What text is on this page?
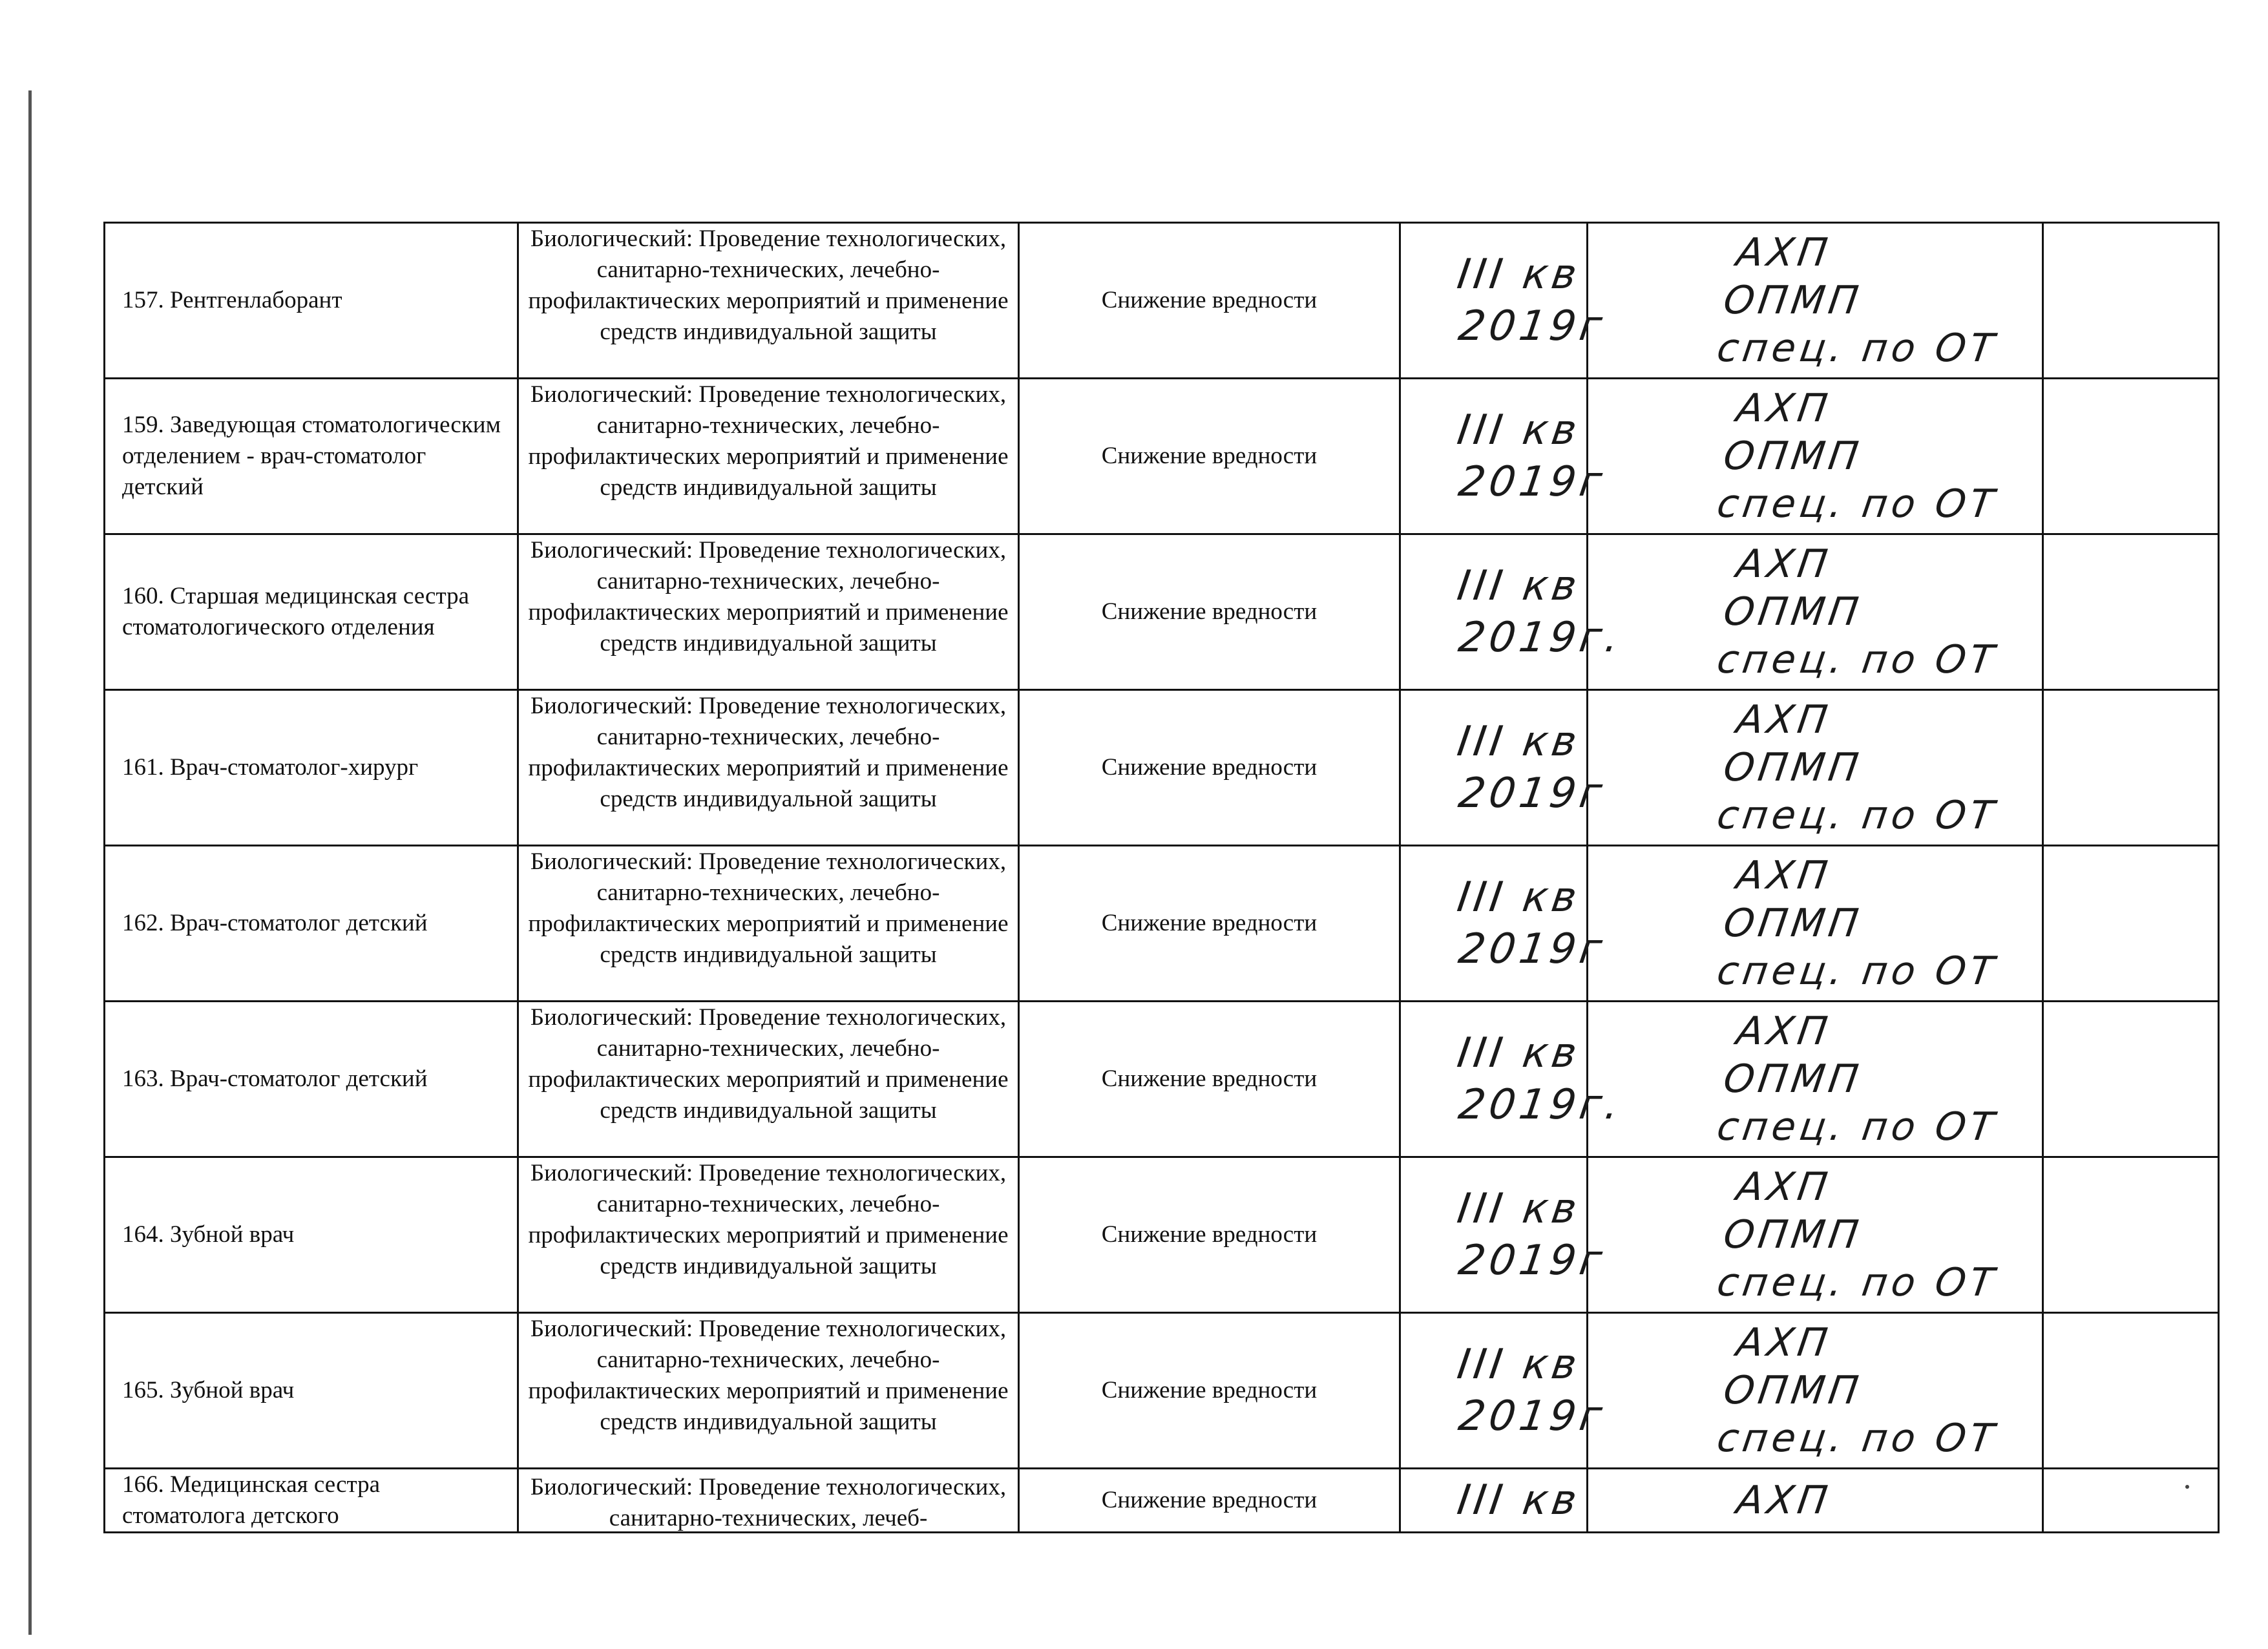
157. Рентгенлаборант	Биологический: Проведение технологических, санитарно-технических, лечебно-профилактических мероприятий и применение средств индивидуальной защиты	Снижение вредности	III кв
2019г	АХП
ОПМП
спец. по ОТ	

159. Заведующая стоматологическим отделением - врач-стоматолог детский	Биологический: Проведение технологических, санитарно-технических, лечебно-профилактических мероприятий и применение средств индивидуальной защиты	Снижение вредности	III кв
2019г	АХП
ОПМП
спец. по ОТ	

160. Старшая медицинская сестра стоматологического отделения	Биологический: Проведение технологических, санитарно-технических, лечебно-профилактических мероприятий и применение средств индивидуальной защиты	Снижение вредности	III кв
2019г.	АХП
ОПМП
спец. по ОТ	

161. Врач-стоматолог-хирург	Биологический: Проведение технологических, санитарно-технических, лечебно-профилактических мероприятий и применение средств индивидуальной защиты	Снижение вредности	III кв
2019г	АХП
ОПМП
спец. по ОТ	

162. Врач-стоматолог детский	Биологический: Проведение технологических, санитарно-технических, лечебно-профилактических мероприятий и применение средств индивидуальной защиты	Снижение вредности	III кв
2019г	АХП
ОПМП
спец. по ОТ	

163. Врач-стоматолог детский	Биологический: Проведение технологических, санитарно-технических, лечебно-профилактических мероприятий и применение средств индивидуальной защиты	Снижение вредности	III кв
2019г.	АХП
ОПМП
спец. по ОТ	

164. Зубной врач	Биологический: Проведение технологических, санитарно-технических, лечебно-профилактических мероприятий и применение средств индивидуальной защиты	Снижение вредности	III кв
2019г	АХП
ОПМП
спец. по ОТ	

165. Зубной врач	Биологический: Проведение технологических, санитарно-технических, лечебно-профилактических мероприятий и применение средств индивидуальной защиты	Снижение вредности	III кв
2019г	АХП
ОПМП
спец. по ОТ	

166. Медицинская сестра стоматолога детского	Биологический: Проведение технологических, санитарно-технических, лечеб-	Снижение вредности	III кв	АХП	
